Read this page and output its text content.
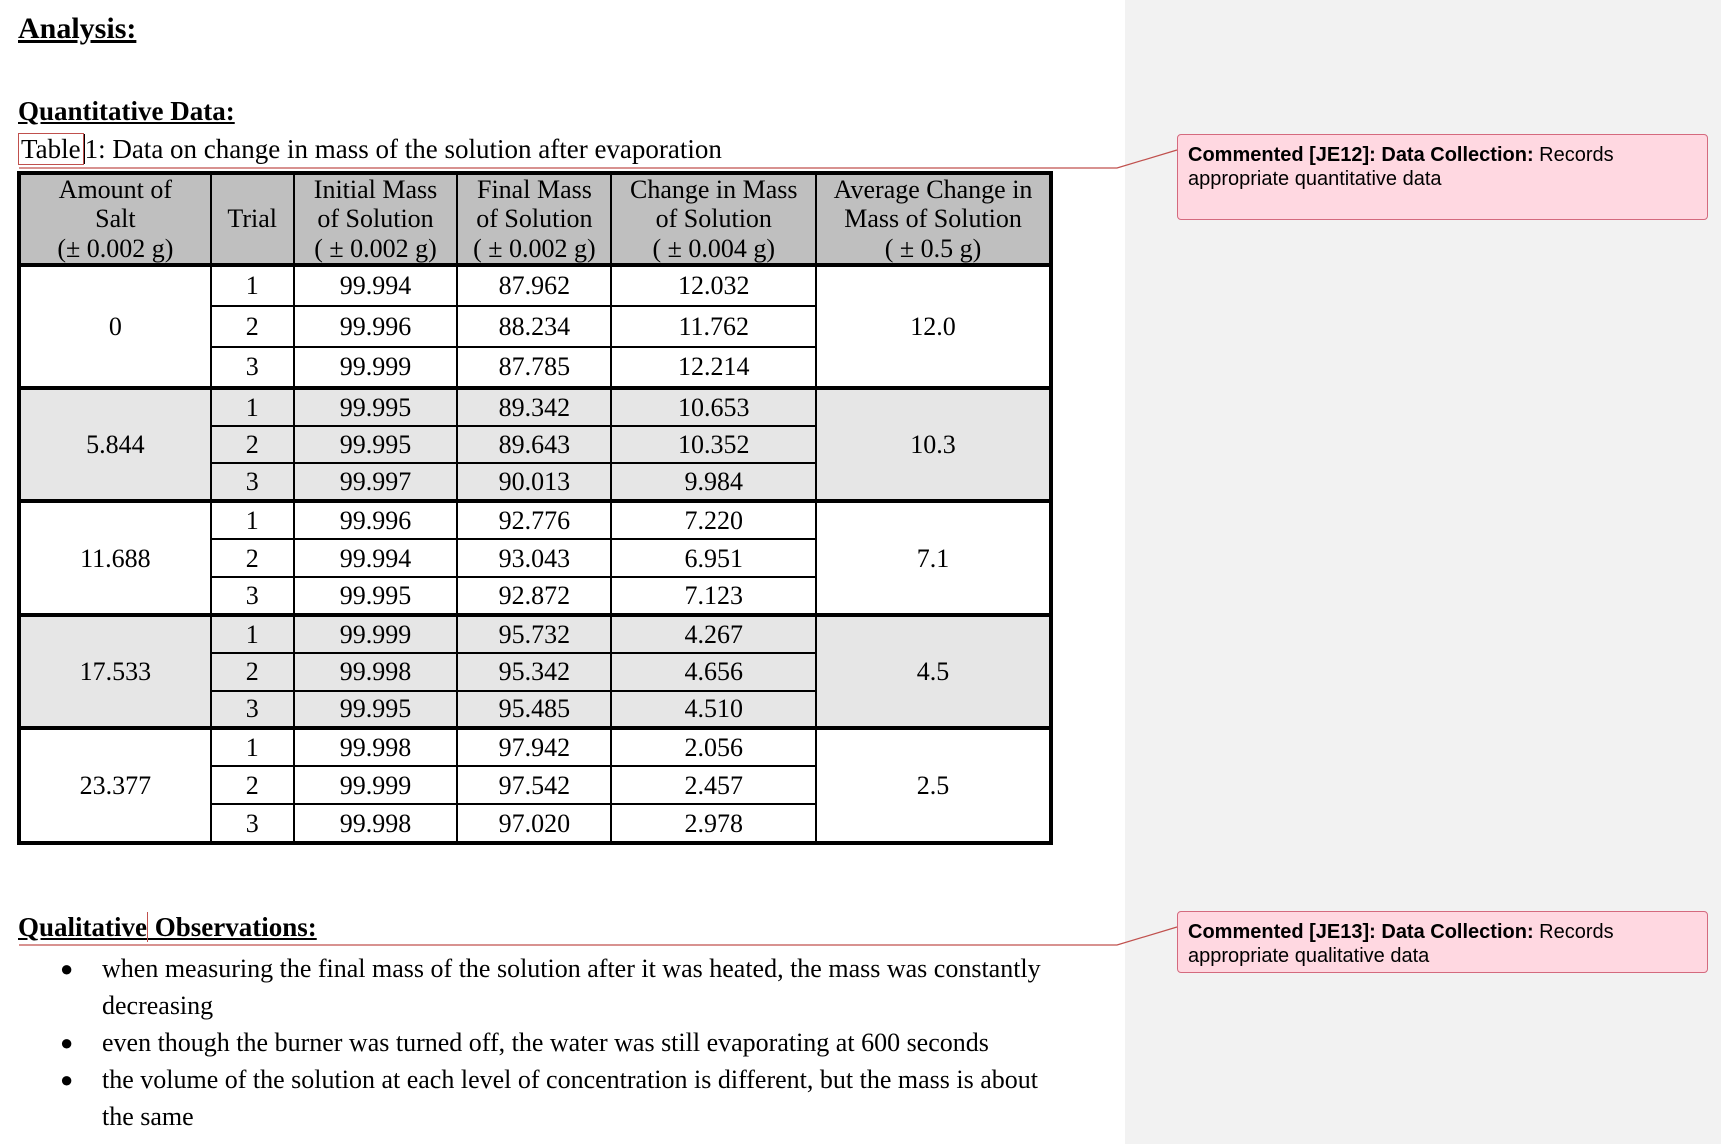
Analysis:
Quantitative Data:
Table 1: Data on change in mass of the solution after evaporation
Amount of
Salt
(± 0.002 g)	Trial	Initial Mass
of Solution
( ± 0.002 g)	Final Mass
of Solution
( ± 0.002 g)	Change in Mass
of Solution
( ± 0.004 g)	Average Change in
Mass of Solution
( ± 0.5 g)
0	1	99.994	87.962	12.032	12.0
	2	99.996	88.234	11.762	
	3	99.999	87.785	12.214	
5.844	1	99.995	89.342	10.653	10.3
	2	99.995	89.643	10.352	
	3	99.997	90.013	9.984	
11.688	1	99.996	92.776	7.220	7.1
	2	99.994	93.043	6.951	
	3	99.995	92.872	7.123	
17.533	1	99.999	95.732	4.267	4.5
	2	99.998	95.342	4.656	
	3	99.995	95.485	4.510	
23.377	1	99.998	97.942	2.056	2.5
	2	99.999	97.542	2.457	
	3	99.998	97.020	2.978	
Qualitative Observations:
● when measuring the final mass of the solution after it was heated, the mass was constantly decreasing
● even though the burner was turned off, the water was still evaporating at 600 seconds
● the volume of the solution at each level of concentration is different, but the mass is about the same
Commented [JE12]: Data Collection: Records appropriate quantitative data
Commented [JE13]: Data Collection: Records appropriate qualitative data
